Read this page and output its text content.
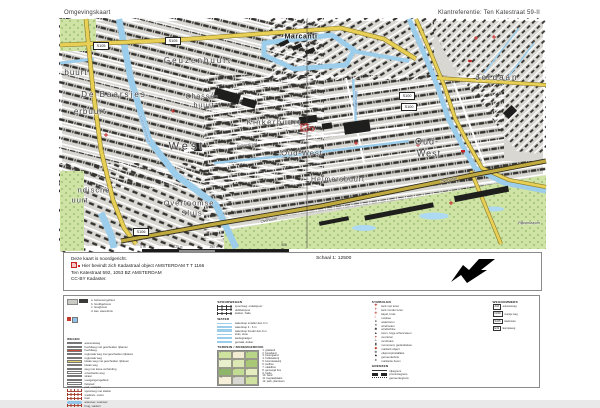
Omgevingskaart	Klantreferentie: Ten Katestraat 59-II
Marcanti
Geuzenbuurt
buurt
De Baarsjes
erbuurt
Chassé-
buurt
Kinkerbuurt
West
Oud-West
Oud-
West
Helmersbuurt
Overtoomse
Sluis
Jordaan
ndische
uurt
Kinkerstraat
Overtoom
Overtoom	Rijksmuseum
Bilderdijkgracht
Kostverlorenvaart
S105
S105
S100
S100
S106
0 m	125 m	250 m	500 m
Deze kaart is noordgericht.
Hier bevindt zich Kadastraal object AMSTERDAM T T 1166
Ten Katestraat 592, 1053 BZ AMSTERDAM
CC-BY Kadaster.
Schaal 1: 12500

a. bebouwd gebied
b. hoofdgebouw
c. hoogbouw
d. kas, warenhuis
WEGEN
autosnelweg
hoofdweg met gescheiden rijbanen
hoofdweg
regionale weg met gescheiden rijbanen
regionale weg
lokale weg met gescheiden rijbanen
lokale weg
weg met losse verharding
onverharde weg
straat
voetgangersgebied
fietspad
pad, voetpad
spoorweg met station
sneltram, metro
tram
autoveer, voetveer
brug, viaduct
SPOORWEGEN
spoorweg: enkelspoor
dubbelspoor
station, halte
WATER
waterloop smaller dan 3 m
waterloop 3 - 6 m
waterloop breder dan 6 m
sluis, stuw
aanlegsteiger
gemaal, duiker
TERREIN / BODEMGEBRUIK
1	2	3
4	5	6
7	8	9
10	11	12
1. grasland
2. bouwland
3. boomgaard
4. fruitkwekerij
5. boomkwekerij
6. loofbos
7. naaldbos
8. gemengd bos
9. heide
10. zand
11. begraafplaats
12. park, plantsoen
SYMBOLEN
✚	kerk met toren
✝	kerk zonder toren
✙	kapel, kruis
☾	moskee
●	watertoren
✕	windmolen
✱	windturbine
▲	toren, hoge schoorsteen
✦	vuurtoren
⊥	zendmast
▮	monument, gedenkteken
◆	markant object
⊕	oliepompinstallatie
⚑	gemeentehuis
∗	markante boom
GRENZEN
rijksgrens
provinciegrens
gemeentegrens
WEGNUMMERS
A10	autosnelweg
N200	overige weg
S105	stadsroute
E19	Europaweg
